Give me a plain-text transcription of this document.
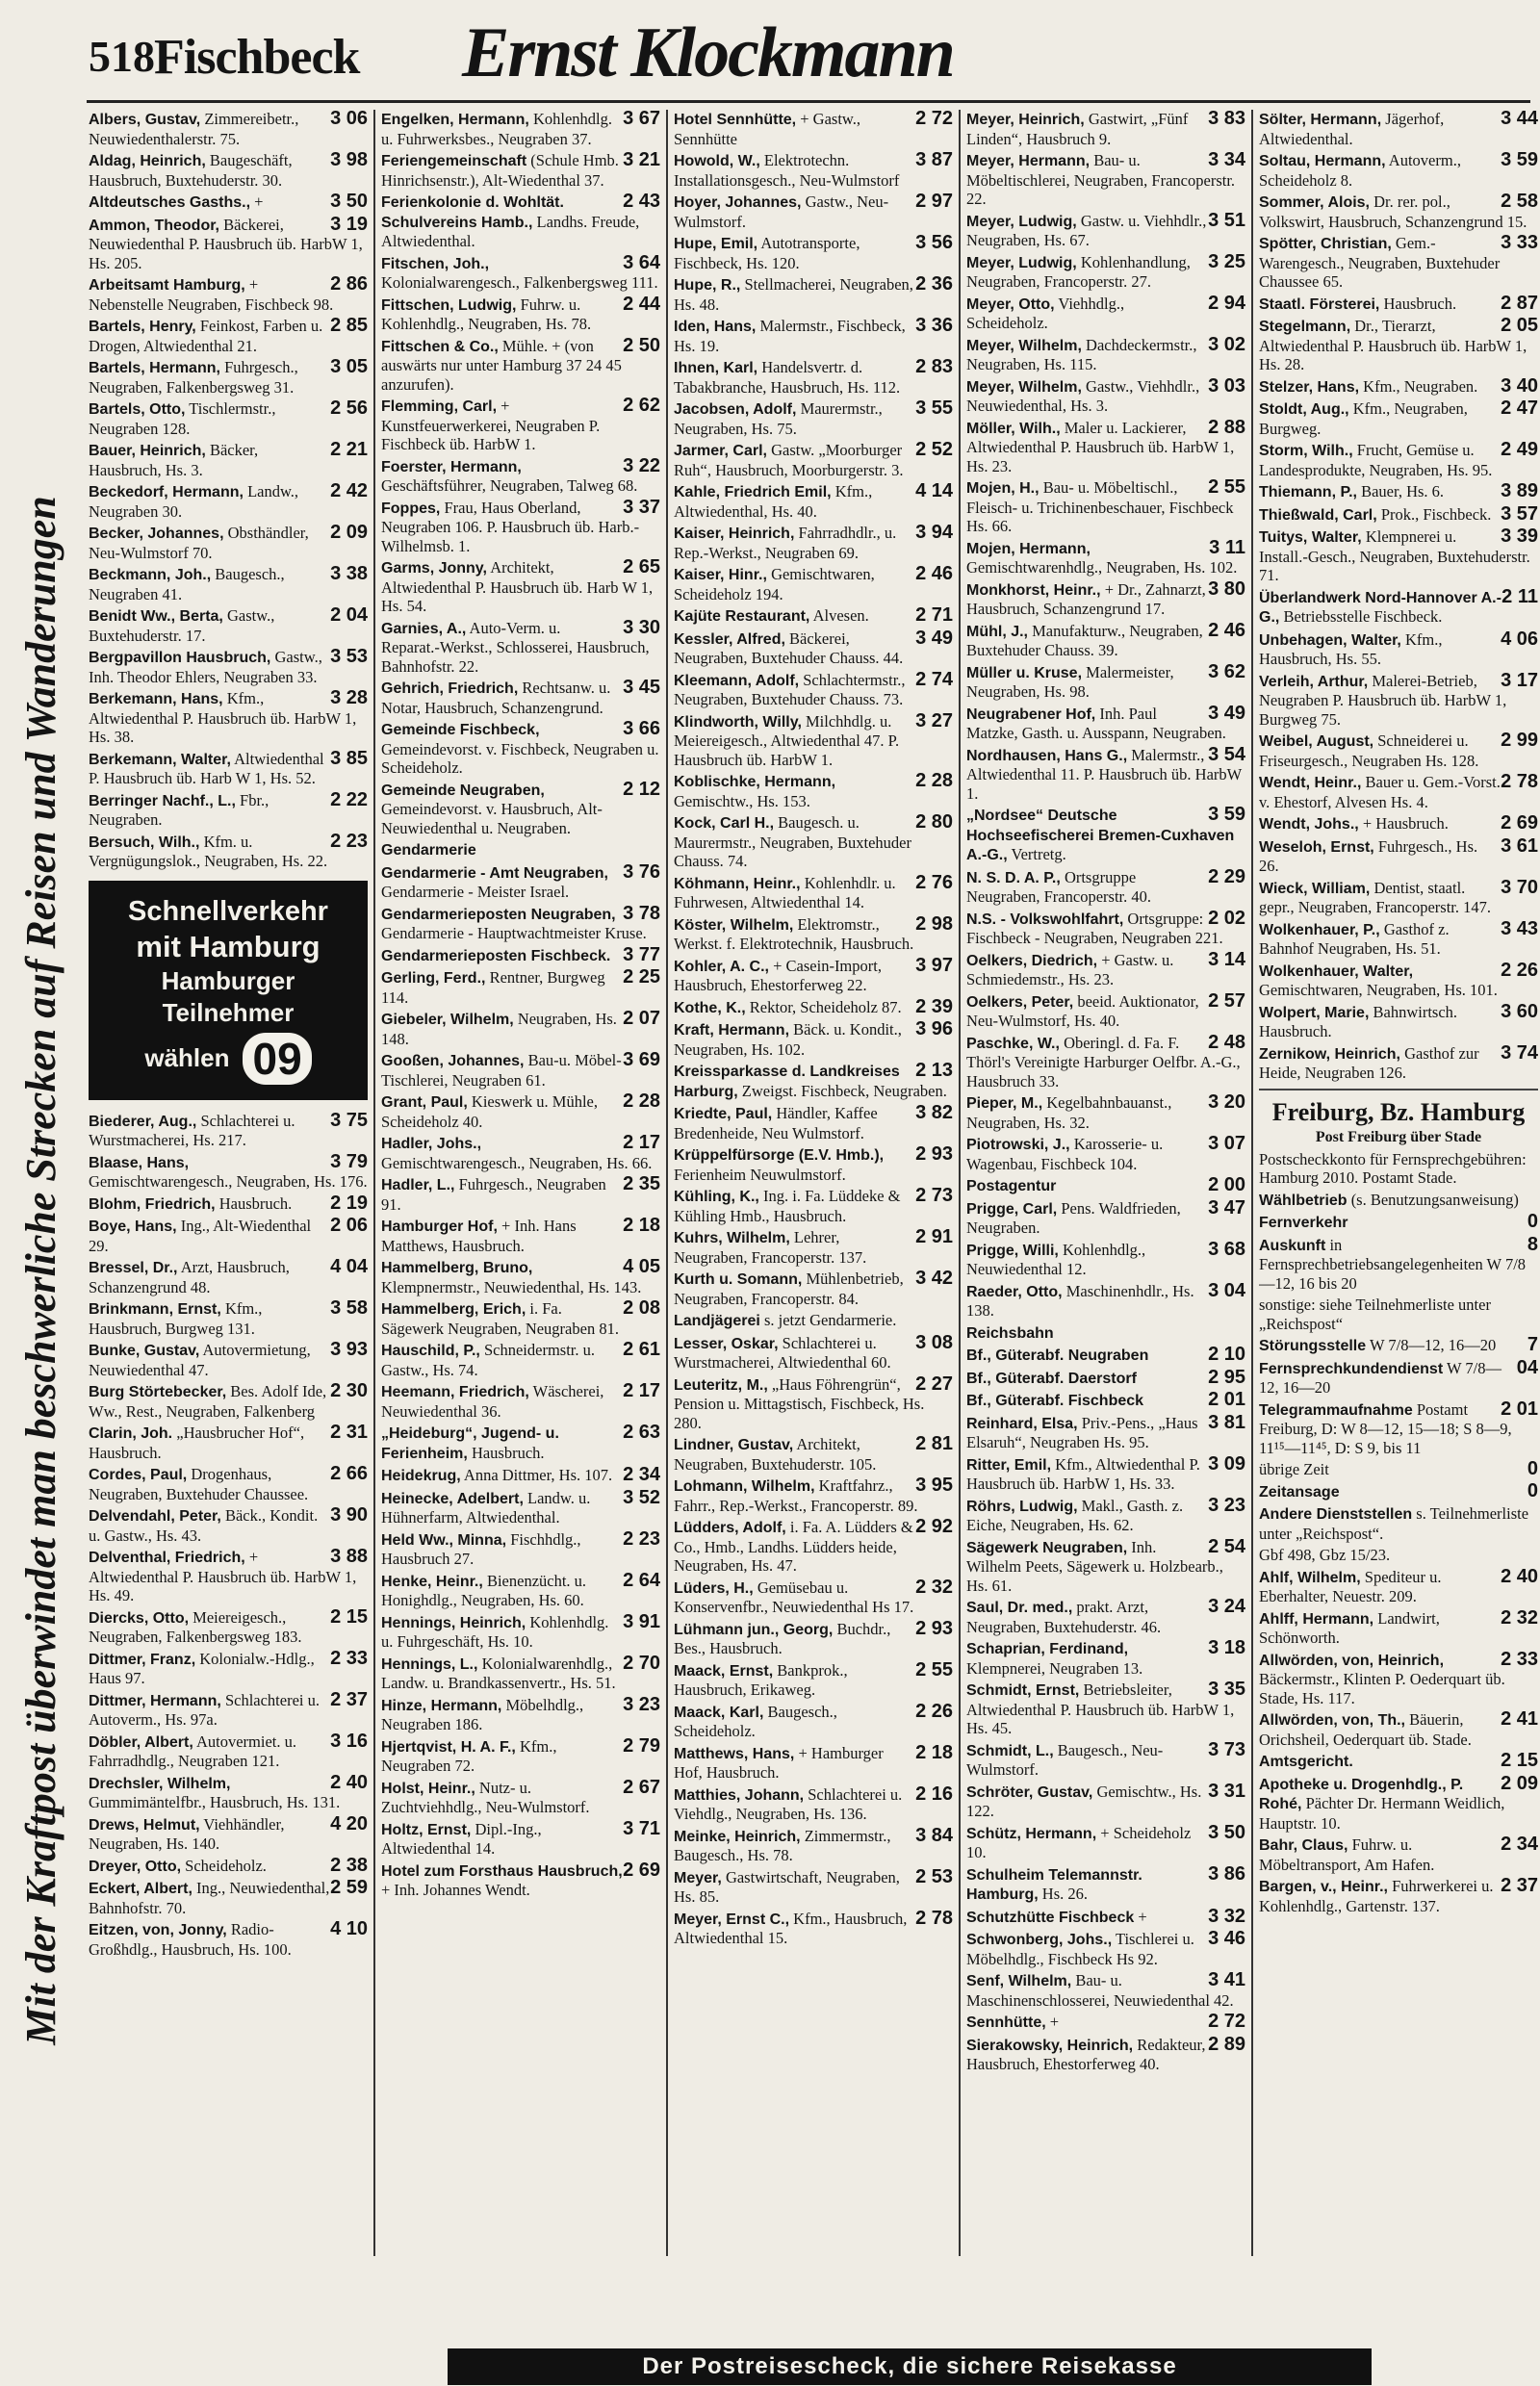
518 Fischbeck Ernst Klockmann
Mit der Kraftpost überwindet man beschwerliche Strecken auf Reisen und Wanderungen
3 06
Albers, Gustav, Zimmereibetr., Neuwiedenthalerstr. 75.
3 98
Aldag, Heinrich, Baugeschäft, Hausbruch, Buxtehuderstr. 30.
3 50
Altdeutsches Gasths., +
3 19
Ammon, Theodor, Bäckerei, Neuwiedenthal P. Hausbruch üb. HarbW 1, Hs. 205.
2 86
Arbeitsamt Hamburg, + Nebenstelle Neugraben, Fischbeck 98.
2 85
Bartels, Henry, Feinkost, Farben u. Drogen, Altwiedenthal 21.
3 05
Bartels, Hermann, Fuhrgesch., Neugraben, Falkenbergsweg 31.
2 56
Bartels, Otto, Tischlermstr., Neugraben 128.
2 21
Bauer, Heinrich, Bäcker, Hausbruch, Hs. 3.
2 42
Beckedorf, Hermann, Landw., Neugraben 30.
2 09
Becker, Johannes, Obsthändler, Neu-Wulmstorf 70.
3 38
Beckmann, Joh., Baugesch., Neugraben 41.
2 04
Benidt Ww., Berta, Gastw., Buxtehuderstr. 17.
3 53
Bergpavillon Hausbruch, Gastw., Inh. Theodor Ehlers, Neugraben 33.
3 28
Berkemann, Hans, Kfm., Altwiedenthal P. Hausbruch üb. HarbW 1, Hs. 38.
3 85
Berkemann, Walter, Altwiedenthal P. Hausbruch üb. Harb W 1, Hs. 52.
2 22
Berringer Nachf., L., Fbr., Neugraben.
2 23
Bersuch, Wilh., Kfm. u. Vergnügungslok., Neugraben, Hs. 22.
Schnellverkehr
mit Hamburg
Hamburger
Teilnehmer
wählen 09
3 75
Biederer, Aug., Schlachterei u. Wurstmacherei, Hs. 217.
3 79
Blaase, Hans, Gemischtwarengesch., Neugraben, Hs. 176.
2 19
Blohm, Friedrich, Hausbruch.
2 06
Boye, Hans, Ing., Alt-Wiedenthal 29.
4 04
Bressel, Dr., Arzt, Hausbruch, Schanzengrund 48.
3 58
Brinkmann, Ernst, Kfm., Hausbruch, Burgweg 131.
3 93
Bunke, Gustav, Autovermietung, Neuwiedenthal 47.
2 30
Burg Störtebecker, Bes. Adolf Ide, Ww., Rest., Neugraben, Falkenberg
2 31
Clarin, Joh. „Hausbrucher Hof“, Hausbruch.
2 66
Cordes, Paul, Drogenhaus, Neugraben, Buxtehuder Chaussee.
3 90
Delvendahl, Peter, Bäck., Kondit. u. Gastw., Hs. 43.
3 88
Delventhal, Friedrich, + Altwiedenthal P. Hausbruch üb. HarbW 1, Hs. 49.
2 15
Diercks, Otto, Meiereigesch., Neugraben, Falkenbergsweg 183.
2 33
Dittmer, Franz, Kolonialw.-Hdlg., Haus 97.
2 37
Dittmer, Hermann, Schlachterei u. Autoverm., Hs. 97a.
3 16
Döbler, Albert, Autovermiet. u. Fahrradhdlg., Neugraben 121.
2 40
Drechsler, Wilhelm, Gummimäntelfbr., Hausbruch, Hs. 131.
4 20
Drews, Helmut, Viehhändler, Neugraben, Hs. 140.
2 38
Dreyer, Otto, Scheideholz.
2 59
Eckert, Albert, Ing., Neuwiedenthal, Bahnhofstr. 70.
4 10
Eitzen, von, Jonny, Radio-Großhdlg., Hausbruch, Hs. 100.
3 67
Engelken, Hermann, Kohlenhdlg. u. Fuhrwerksbes., Neugraben 37.
3 21
Feriengemeinschaft (Schule Hmb. Hinrichsenstr.), Alt-Wiedenthal 37.
2 43
Ferienkolonie d. Wohltät. Schulvereins Hamb., Landhs. Freude, Altwiedenthal.
3 64
Fitschen, Joh., Kolonialwarengesch., Falkenbergsweg 111.
2 44
Fittschen, Ludwig, Fuhrw. u. Kohlenhdlg., Neugraben, Hs. 78.
2 50
Fittschen & Co., Mühle. + (von auswärts nur unter Hamburg 37 24 45 anzurufen).
2 62
Flemming, Carl, + Kunstfeuerwerkerei, Neugraben P. Fischbeck üb. HarbW 1.
3 22
Foerster, Hermann, Geschäftsführer, Neugraben, Talweg 68.
3 37
Foppes, Frau, Haus Oberland, Neugraben 106. P. Hausbruch üb. Harb.-Wilhelmsb. 1.
2 65
Garms, Jonny, Architekt, Altwiedenthal P. Hausbruch üb. Harb W 1, Hs. 54.
3 30
Garnies, A., Auto-Verm. u. Reparat.-Werkst., Schlosserei, Hausbruch, Bahnhofstr. 22.
3 45
Gehrich, Friedrich, Rechtsanw. u. Notar, Hausbruch, Schanzengrund.
3 66
Gemeinde Fischbeck, Gemeindevorst. v. Fischbeck, Neugraben u. Scheideholz.
2 12
Gemeinde Neugraben, Gemeindevorst. v. Hausbruch, Alt-Neuwiedenthal u. Neugraben.
Gendarmerie
3 76
Gendarmerie - Amt Neugraben, Gendarmerie - Meister Israel.
3 78
Gendarmerieposten Neugraben, Gendarmerie - Hauptwachtmeister Kruse.
3 77
Gendarmerieposten Fischbeck.
2 25
Gerling, Ferd., Rentner, Burgweg 114.
2 07
Giebeler, Wilhelm, Neugraben, Hs. 148.
3 69
Gooßen, Johannes, Bau-u. Möbel-Tischlerei, Neugraben 61.
2 28
Grant, Paul, Kieswerk u. Mühle, Scheideholz 40.
2 17
Hadler, Johs., Gemischtwarengesch., Neugraben, Hs. 66.
2 35
Hadler, L., Fuhrgesch., Neugraben 91.
2 18
Hamburger Hof, + Inh. Hans Matthews, Hausbruch.
4 05
Hammelberg, Bruno, Klempnermstr., Neuwiedenthal, Hs. 143.
2 08
Hammelberg, Erich, i. Fa. Sägewerk Neugraben, Neugraben 81.
2 61
Hauschild, P., Schneidermstr. u. Gastw., Hs. 74.
2 17
Heemann, Friedrich, Wäscherei, Neuwiedenthal 36.
2 63
„Heideburg“, Jugend- u. Ferienheim, Hausbruch.
2 34
Heidekrug, Anna Dittmer, Hs. 107.
3 52
Heinecke, Adelbert, Landw. u. Hühnerfarm, Altwiedenthal.
2 23
Held Ww., Minna, Fischhdlg., Hausbruch 27.
2 64
Henke, Heinr., Bienenzücht. u. Honighdlg., Neugraben, Hs. 60.
3 91
Hennings, Heinrich, Kohlenhdlg. u. Fuhrgeschäft, Hs. 10.
2 70
Hennings, L., Kolonialwarenhdlg., Landw. u. Brandkassenvertr., Hs. 51.
3 23
Hinze, Hermann, Möbelhdlg., Neugraben 186.
2 79
Hjertqvist, H. A. F., Kfm., Neugraben 72.
2 67
Holst, Heinr., Nutz- u. Zuchtviehhdlg., Neu-Wulmstorf.
3 71
Holtz, Ernst, Dipl.-Ing., Altwiedenthal 14.
2 69
Hotel zum Forsthaus Hausbruch, + Inh. Johannes Wendt.
2 72
Hotel Sennhütte, + Gastw., Sennhütte
3 87
Howold, W., Elektrotechn. Installationsgesch., Neu-Wulmstorf
2 97
Hoyer, Johannes, Gastw., Neu-Wulmstorf.
3 56
Hupe, Emil, Autotransporte, Fischbeck, Hs. 120.
2 36
Hupe, R., Stellmacherei, Neugraben, Hs. 48.
3 36
Iden, Hans, Malermstr., Fischbeck, Hs. 19.
2 83
Ihnen, Karl, Handelsvertr. d. Tabakbranche, Hausbruch, Hs. 112.
3 55
Jacobsen, Adolf, Maurermstr., Neugraben, Hs. 75.
2 52
Jarmer, Carl, Gastw. „Moorburger Ruh“, Hausbruch, Moorburgerstr. 3.
4 14
Kahle, Friedrich Emil, Kfm., Altwiedenthal, Hs. 40.
3 94
Kaiser, Heinrich, Fahrradhdlr., u. Rep.-Werkst., Neugraben 69.
2 46
Kaiser, Hinr., Gemischtwaren, Scheideholz 194.
2 71
Kajüte Restaurant, Alvesen.
3 49
Kessler, Alfred, Bäckerei, Neugraben, Buxtehuder Chauss. 44.
2 74
Kleemann, Adolf, Schlachtermstr., Neugraben, Buxtehuder Chauss. 73.
3 27
Klindworth, Willy, Milchhdlg. u. Meiereigesch., Altwiedenthal 47. P. Hausbruch üb. HarbW 1.
2 28
Koblischke, Hermann, Gemischtw., Hs. 153.
2 80
Kock, Carl H., Baugesch. u. Maurermstr., Neugraben, Buxtehuder Chauss. 74.
2 76
Köhmann, Heinr., Kohlenhdlr. u. Fuhrwesen, Altwiedenthal 14.
2 98
Köster, Wilhelm, Elektromstr., Werkst. f. Elektrotechnik, Hausbruch.
3 97
Kohler, A. C., + Casein-Import, Hausbruch, Ehestorferweg 22.
2 39
Kothe, K., Rektor, Scheideholz 87.
3 96
Kraft, Hermann, Bäck. u. Kondit., Neugraben, Hs. 102.
2 13
Kreissparkasse d. Landkreises Harburg, Zweigst. Fischbeck, Neugraben.
3 82
Kriedte, Paul, Händler, Kaffee Bredenheide, Neu Wulmstorf.
2 93
Krüppelfürsorge (E.V. Hmb.), Ferienheim Neuwulmstorf.
2 73
Kühling, K., Ing. i. Fa. Lüddeke & Kühling Hmb., Hausbruch.
2 91
Kuhrs, Wilhelm, Lehrer, Neugraben, Francoperstr. 137.
3 42
Kurth u. Somann, Mühlenbetrieb, Neugraben, Francoperstr. 84.
Landjägerei s. jetzt Gendarmerie.
3 08
Lesser, Oskar, Schlachterei u. Wurstmacherei, Altwiedenthal 60.
2 27
Leuteritz, M., „Haus Föhrengrün“, Pension u. Mittagstisch, Fischbeck, Hs. 280.
2 81
Lindner, Gustav, Architekt, Neugraben, Buxtehuderstr. 105.
3 95
Lohmann, Wilhelm, Kraftfahrz., Fahrr., Rep.-Werkst., Francoperstr. 89.
2 92
Lüdders, Adolf, i. Fa. A. Lüdders & Co., Hmb., Landhs. Lüdders heide, Neugraben, Hs. 47.
2 32
Lüders, H., Gemüsebau u. Konservenfbr., Neuwiedenthal Hs 17.
2 93
Lühmann jun., Georg, Buchdr., Bes., Hausbruch.
2 55
Maack, Ernst, Bankprok., Hausbruch, Erikaweg.
2 26
Maack, Karl, Baugesch., Scheideholz.
2 18
Matthews, Hans, + Hamburger Hof, Hausbruch.
2 16
Matthies, Johann, Schlachterei u. Viehdlg., Neugraben, Hs. 136.
3 84
Meinke, Heinrich, Zimmermstr., Baugesch., Hs. 78.
2 53
Meyer, Gastwirtschaft, Neugraben, Hs. 85.
2 78
Meyer, Ernst C., Kfm., Hausbruch, Altwiedenthal 15.
3 83
Meyer, Heinrich, Gastwirt, „Fünf Linden“, Hausbruch 9.
3 34
Meyer, Hermann, Bau- u. Möbeltischlerei, Neugraben, Francoperstr. 22.
3 51
Meyer, Ludwig, Gastw. u. Viehhdlr., Neugraben, Hs. 67.
3 25
Meyer, Ludwig, Kohlenhandlung, Neugraben, Francoperstr. 27.
2 94
Meyer, Otto, Viehhdlg., Scheideholz.
3 02
Meyer, Wilhelm, Dachdeckermstr., Neugraben, Hs. 115.
3 03
Meyer, Wilhelm, Gastw., Viehhdlr., Neuwiedenthal, Hs. 3.
2 88
Möller, Wilh., Maler u. Lackierer, Altwiedenthal P. Hausbruch üb. HarbW 1, Hs. 23.
2 55
Mojen, H., Bau- u. Möbeltischl., Fleisch- u. Trichinenbeschauer, Fischbeck Hs. 66.
3 11
Mojen, Hermann, Gemischtwarenhdlg., Neugraben, Hs. 102.
3 80
Monkhorst, Heinr., + Dr., Zahnarzt, Hausbruch, Schanzengrund 17.
2 46
Mühl, J., Manufakturw., Neugraben, Buxtehuder Chauss. 39.
3 62
Müller u. Kruse, Malermeister, Neugraben, Hs. 98.
3 49
Neugrabener Hof, Inh. Paul Matzke, Gasth. u. Ausspann, Neugraben.
3 54
Nordhausen, Hans G., Malermstr., Altwiedenthal 11. P. Hausbruch üb. HarbW 1.
3 59
„Nordsee“ Deutsche Hochseefischerei Bremen-Cuxhaven A.-G., Vertretg.
2 29
N. S. D. A. P., Ortsgruppe Neugraben, Francoperstr. 40.
2 02
N.S. - Volkswohlfahrt, Ortsgruppe: Fischbeck - Neugraben, Neugraben 221.
3 14
Oelkers, Diedrich, + Gastw. u. Schmiedemstr., Hs. 23.
2 57
Oelkers, Peter, beeid. Auktionator, Neu-Wulmstorf, Hs. 40.
2 48
Paschke, W., Oberingl. d. Fa. F. Thörl's Vereinigte Harburger Oelfbr. A.-G., Hausbruch 33.
3 20
Pieper, M., Kegelbahnbauanst., Neugraben, Hs. 32.
3 07
Piotrowski, J., Karosserie- u. Wagenbau, Fischbeck 104.
2 00
Postagentur
3 47
Prigge, Carl, Pens. Waldfrieden, Neugraben.
3 68
Prigge, Willi, Kohlenhdlg., Neuwiedenthal 12.
3 04
Raeder, Otto, Maschinenhdlr., Hs. 138.
Reichsbahn
2 10
Bf., Güterabf. Neugraben
2 95
Bf., Güterabf. Daerstorf
2 01
Bf., Güterabf. Fischbeck
3 81
Reinhard, Elsa, Priv.-Pens., „Haus Elsaruh“, Neugraben Hs. 95.
3 09
Ritter, Emil, Kfm., Altwiedenthal P. Hausbruch üb. HarbW 1, Hs. 33.
3 23
Röhrs, Ludwig, Makl., Gasth. z. Eiche, Neugraben, Hs. 62.
2 54
Sägewerk Neugraben, Inh. Wilhelm Peets, Sägewerk u. Holzbearb., Hs. 61.
3 24
Saul, Dr. med., prakt. Arzt, Neugraben, Buxtehuderstr. 46.
3 18
Schaprian, Ferdinand, Klempnerei, Neugraben 13.
3 35
Schmidt, Ernst, Betriebsleiter, Altwiedenthal P. Hausbruch üb. HarbW 1, Hs. 45.
3 73
Schmidt, L., Baugesch., Neu-Wulmstorf.
3 31
Schröter, Gustav, Gemischtw., Hs. 122.
3 50
Schütz, Hermann, + Scheideholz 10.
3 86
Schulheim Telemannstr. Hamburg, Hs. 26.
3 32
Schutzhütte Fischbeck +
3 46
Schwonberg, Johs., Tischlerei u. Möbelhdlg., Fischbeck Hs 92.
3 41
Senf, Wilhelm, Bau- u. Maschinenschlosserei, Neuwiedenthal 42.
2 72
Sennhütte, +
2 89
Sierakowsky, Heinrich, Redakteur, Hausbruch, Ehestorferweg 40.
3 44
Sölter, Hermann, Jägerhof, Altwiedenthal.
3 59
Soltau, Hermann, Autoverm., Scheideholz 8.
2 58
Sommer, Alois, Dr. rer. pol., Volkswirt, Hausbruch, Schanzengrund 15.
3 33
Spötter, Christian, Gem.-Warengesch., Neugraben, Buxtehuder Chaussee 65.
2 87
Staatl. Försterei, Hausbruch.
2 05
Stegelmann, Dr., Tierarzt, Altwiedenthal P. Hausbruch üb. HarbW 1, Hs. 28.
3 40
Stelzer, Hans, Kfm., Neugraben.
2 47
Stoldt, Aug., Kfm., Neugraben, Burgweg.
2 49
Storm, Wilh., Frucht, Gemüse u. Landesprodukte, Neugraben, Hs. 95.
3 89
Thiemann, P., Bauer, Hs. 6.
3 57
Thießwald, Carl, Prok., Fischbeck.
3 39
Tuitys, Walter, Klempnerei u. Install.-Gesch., Neugraben, Buxtehuderstr. 71.
2 11
Überlandwerk Nord-Hannover A.-G., Betriebsstelle Fischbeck.
4 06
Unbehagen, Walter, Kfm., Hausbruch, Hs. 55.
3 17
Verleih, Arthur, Malerei-Betrieb, Neugraben P. Hausbruch üb. HarbW 1, Burgweg 75.
2 99
Weibel, August, Schneiderei u. Friseurgesch., Neugraben Hs. 128.
2 78
Wendt, Heinr., Bauer u. Gem.-Vorst. v. Ehestorf, Alvesen Hs. 4.
2 69
Wendt, Johs., + Hausbruch.
3 61
Weseloh, Ernst, Fuhrgesch., Hs. 26.
3 70
Wieck, William, Dentist, staatl. gepr., Neugraben, Francoperstr. 147.
3 43
Wolkenhauer, P., Gasthof z. Bahnhof Neugraben, Hs. 51.
2 26
Wolkenhauer, Walter, Gemischtwaren, Neugraben, Hs. 101.
3 60
Wolpert, Marie, Bahnwirtsch. Hausbruch.
3 74
Zernikow, Heinrich, Gasthof zur Heide, Neugraben 126.
Freiburg, Bz. Hamburg
Post Freiburg über Stade
Postscheckkonto für Fernsprechgebühren: Hamburg 2010. Postamt Stade.
Wählbetrieb (s. Benutzungsanweisung)
0
Fernverkehr
8
Auskunft in Fernsprechbetriebsangelegenheiten W 7/8—12, 16 bis 20
sonstige: siehe Teilnehmerliste unter „Reichspost“
7
Störungsstelle W 7/8—12, 16—20
04
Fernsprechkundendienst W 7/8—12, 16—20
2 01
Telegrammaufnahme Postamt Freiburg, D: W 8—12, 15—18; S 8—9, 11¹⁵—11⁴⁵, D: S 9, bis 11
0
übrige Zeit
0
Zeitansage
Andere Dienststellen s. Teilnehmerliste unter „Reichspost“.
Gbf 498, Gbz 15/23.
2 40
Ahlf, Wilhelm, Spediteur u. Eberhalter, Neuestr. 209.
2 32
Ahlff, Hermann, Landwirt, Schönworth.
2 33
Allwörden, von, Heinrich, Bäckermstr., Klinten P. Oederquart üb. Stade, Hs. 117.
2 41
Allwörden, von, Th., Bäuerin, Orichsheil, Oederquart üb. Stade.
2 15
Amtsgericht.
2 09
Apotheke u. Drogenhdlg., P. Rohé, Pächter Dr. Hermann Weidlich, Hauptstr. 10.
2 34
Bahr, Claus, Fuhrw. u. Möbeltransport, Am Hafen.
2 37
Bargen, v., Heinr., Fuhrwerkerei u. Kohlenhdlg., Gartenstr. 137.
Der Postreisescheck, die sichere Reisekasse
